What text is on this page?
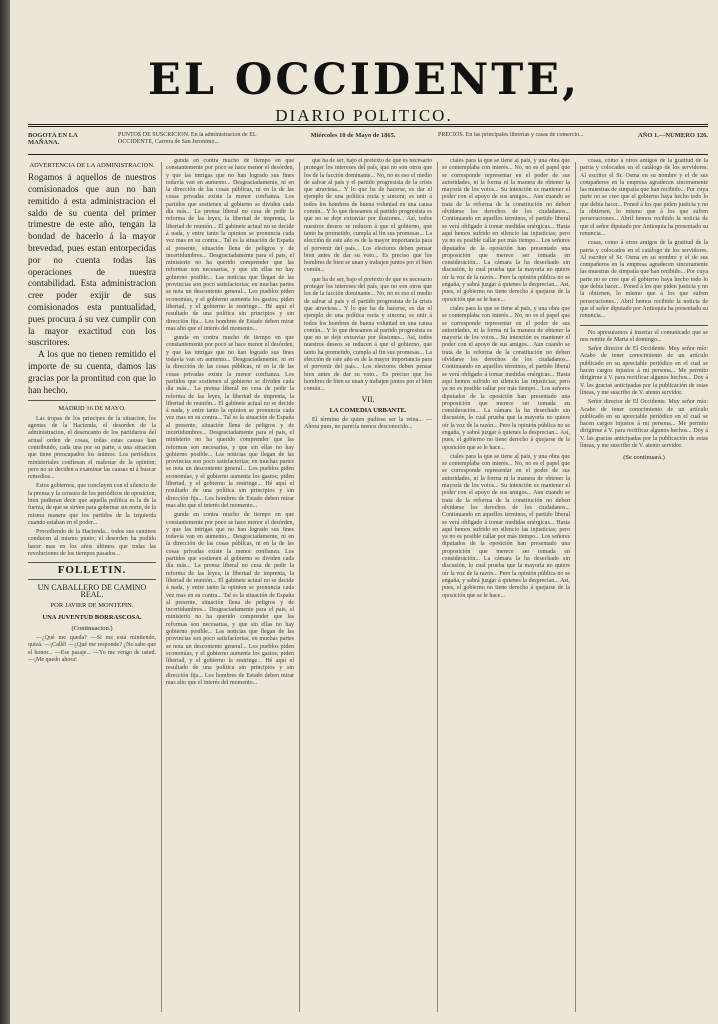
EL OCCIDENTE,
DIARIO POLITICO.
BOGOTÁ EN LA MAÑANA.
PUNTOS DE SUSCRICION. En la administracion de EL OCCIDENTE, Carrera de San Jeronimo...
Miércoles 10 de Mayo de 1865.	PRECIOS. En las principales librerías y casas de comercio...	AÑO 1.—NÚMERO 126.
ADVERTENCIA DE LA ADMINISTRACION.
Rogamos á aquellos de nuestros comisionados que aun no han remitido á esta administracion el saldo de su cuenta del primer trimestre de este año, tengan la bondad de hacerlo á la mayor brevedad, pues estan entorpecidas por no cuenta todas las operaciones de nuestra contabilidad. Esta administracion cree poder exijir de sus comisionados esta puntualidad, pues procura á su vez cumplir con la mayor exactitud con los suscritores.
A los que no tienen remitido el importe de su cuenta, damos las gracias por la prontitud con que lo han hecho.
MADRID 16 DE MAYO.

Las tropas de los principes de la situacion, los agentes de la Hacienda, el desorden de la administracion, el desencanto de los partidarios del actual orden de cosas, todas estas causas han contribuido, cada una por su parte, a una situacion que tiene preocupados los ánimos. Los periódicos ministeriales confiesan el malestar de la opinion; pero no se deciden a examinar las causas ni á buscar remedios...

Estos gobiernos, que concluyen con el silencio de la prensa y la censura de los periódicos de oposicion, bien pudieran decir que aquella política es la de la fuerza, de que se sirven para gobernar sin norte, de la misma manera que los partidos de la izquierda cuando estaban en el poder...

Procediendo de la Hacienda... todos sus caminos conducen al mismo punto; el desorden ha podido hacer mas en los años últimos que todas las revoluciones de los tiempos pasados...

FOLLETIN.
UN CABALLERO DE CAMINO REAL.
POR JAVIER DE MONTEPIN.
UNA JUVENTUD BORRASCOSA.
(Continuacion.)

—¿Qué me queda? —Si me está mintiendo, quizá. —¡Callé! —¿Qué me responde? ¿No sabe que el honor... —Ese pasaje... —Yo me vengo de usted. —¡Me quedo ahora!

gunda en contra mucho de tiempo en que constantemente por poco se hace menor el desórden, y que las intrigas que no han logrado sus fines todavía van en aumento... Desgraciadamente, ni en la dirección de las cosas públicas, ni en la de las cosas privadas existe la menor confianza. Los partidos que sostienen al gobierno se dividen cada día más... La prensa liberal no cesa de pedir la reforma de las leyes, la libertad de imprenta, la libertad de reunión... El gabinete actual no se decide á nada, y entre tanto la opinion se pronuncia cada vez mas en su contra... Tal es la situación de España al presente, situación llena de peligros y de incertidumbres... Desgraciadamente para el pais, el ministerio no ha querido comprender que las reformas son necesarias, y que sin ellas no hay gobierno posible... Las noticias que llegan de las provincias son poco satisfactorias; en muchas partes se nota un descontento general... Los pueblos piden economías, y el gobierno aumenta los gastos; piden libertad, y el gobierno la restringe... Hé aquí el resultado de una política sin principios y sin dirección fija... Los hombres de Estado deben mirar mas alto que el interés del momento...

gunda en contra mucho de tiempo en que constantemente por poco se hace menor el desórden, y que las intrigas que no han logrado sus fines todavía van en aumento... Desgraciadamente, ni en la dirección de las cosas públicas, ni en la de las cosas privadas existe la menor confianza. Los partidos que sostienen al gobierno se dividen cada día más... La prensa liberal no cesa de pedir la reforma de las leyes, la libertad de imprenta, la libertad de reunión... El gabinete actual no se decide á nada, y entre tanto la opinion se pronuncia cada vez mas en su contra... Tal es la situación de España al presente, situación llena de peligros y de incertidumbres... Desgraciadamente para el pais, el ministerio no ha querido comprender que las reformas son necesarias, y que sin ellas no hay gobierno posible... Las noticias que llegan de las provincias son poco satisfactorias; en muchas partes se nota un descontento general... Los pueblos piden economías, y el gobierno aumenta los gastos; piden libertad, y el gobierno la restringe... Hé aquí el resultado de una política sin principios y sin dirección fija... Los hombres de Estado deben mirar mas alto que el interés del momento...

gunda en contra mucho de tiempo en que constantemente por poco se hace menor el desórden, y que las intrigas que no han logrado sus fines todavía van en aumento... Desgraciadamente, ni en la dirección de las cosas públicas, ni en la de las cosas privadas existe la menor confianza. Los partidos que sostienen al gobierno se dividen cada día más... La prensa liberal no cesa de pedir la reforma de las leyes, la libertad de imprenta, la libertad de reunión... El gabinete actual no se decide á nada, y entre tanto la opinion se pronuncia cada vez mas en su contra... Tal es la situación de España al presente, situación llena de peligros y de incertidumbres... Desgraciadamente para el pais, el ministerio no ha querido comprender que las reformas son necesarias, y que sin ellas no hay gobierno posible... Las noticias que llegan de las provincias son poco satisfactorias; en muchas partes se nota un descontento general... Los pueblos piden economías, y el gobierno aumenta los gastos; piden libertad, y el gobierno la restringe... Hé aquí el resultado de una política sin principios y sin dirección fija... Los hombres de Estado deben mirar mas alto que el interés del momento...

que ha de ser, bajo el pretexto de que es necesario proteger los intereses del país, que no son otros que los de la facción dominante... No, no es eso el medio de salvar al pais y el partido progresista de la crisis que atraviesa... Y lo que ha de hacerse, es dar el ejemplo de una política recta y sincera; es unir á todos los hombres de buena voluntad en una causa común... Y lo que deseamos al partido progresista es que no se deje extraviar por ilusiones... Así, todos nuestros deseos se reducen á que el gobierno, que tanto ha prometido, cumpla al fin sus promesas... La elección de este año es de la mayor importancia para el porvenir del país... Los electores deben pensar bien antes de dar su voto... Es preciso que los hombres de bien se unan y trabajen juntos por el bien común...

que ha de ser, bajo el pretexto de que es necesario proteger los intereses del país, que no son otros que los de la facción dominante... No, no es eso el medio de salvar al pais y el partido progresista de la crisis que atraviesa... Y lo que ha de hacerse, es dar el ejemplo de una política recta y sincera; es unir á todos los hombres de buena voluntad en una causa común... Y lo que deseamos al partido progresista es que no se deje extraviar por ilusiones... Así, todos nuestros deseos se reducen á que el gobierno, que tanto ha prometido, cumpla al fin sus promesas... La elección de este año es de la mayor importancia para el porvenir del país... Los electores deben pensar bien antes de dar su voto... Es preciso que los hombres de bien se unan y trabajen juntos por el bien común...

VII.
LA COMEDIA URBANTE.

El término de quien pudiese ser la reina... —Ahora pues, no parecía menos desconocido...

ciales para la que se tiene al pais, y una obra que se contemplaba con interés... No, no es el papel que se corresponde representar en el poder de sus autoridades, ni la forma ni la manera de obtener la mayoría de los votos... Su intención es mantener el poder con el apoyo de sus amigos... Aun cuando se trata de la reforma de la constitución no deben olvidarse los derechos de los ciudadanos... Continuando en aquellos términos, el partido liberal se verá obligado á tomar medidas enérgicas... Hasta aquí hemos sufrido en silencio las injusticias; pero ya no es posible callar por más tiempo... Los señores diputados de la oposición han presentado una proposición que merece ser tomada en consideración... La cámara la ha desechado sin discusión, lo cual prueba que la mayoría no quiere oír la voz de la razón... Pero la opinión pública no se engaña, y sabrá juzgar á quienes la desprecian... Así, pues, el gobierno no tiene derecho á quejarse de la oposición que se le hace...

ciales para la que se tiene al pais, y una obra que se contemplaba con interés... No, no es el papel que se corresponde representar en el poder de sus autoridades, ni la forma ni la manera de obtener la mayoría de los votos... Su intención es mantener el poder con el apoyo de sus amigos... Aun cuando se trata de la reforma de la constitución no deben olvidarse los derechos de los ciudadanos... Continuando en aquellos términos, el partido liberal se verá obligado á tomar medidas enérgicas... Hasta aquí hemos sufrido en silencio las injusticias; pero ya no es posible callar por más tiempo... Los señores diputados de la oposición han presentado una proposición que merece ser tomada en consideración... La cámara la ha desechado sin discusión, lo cual prueba que la mayoría no quiere oír la voz de la razón... Pero la opinión pública no se engaña, y sabrá juzgar á quienes la desprecian... Así, pues, el gobierno no tiene derecho á quejarse de la oposición que se le hace...

ciales para la que se tiene al pais, y una obra que se contemplaba con interés... No, no es el papel que se corresponde representar en el poder de sus autoridades, ni la forma ni la manera de obtener la mayoría de los votos... Su intención es mantener el poder con el apoyo de sus amigos... Aun cuando se trata de la reforma de la constitución no deben olvidarse los derechos de los ciudadanos... Continuando en aquellos términos, el partido liberal se verá obligado á tomar medidas enérgicas... Hasta aquí hemos sufrido en silencio las injusticias; pero ya no es posible callar por más tiempo... Los señores diputados de la oposición han presentado una proposición que merece ser tomada en consideración... La cámara la ha desechado sin discusión, lo cual prueba que la mayoría no quiere oír la voz de la razón... Pero la opinión pública no se engaña, y sabrá juzgar á quienes la desprecian... Así, pues, el gobierno no tiene derecho á quejarse de la oposición que se le hace...

cosas, como á otros amigos de la gratitud de la patria y colocados en el catálogo de los servidores. Al escritor el Sr. Osma en su nombre y el de sus compañeros en la empresa agradecen sinceramente las muestras de simpatía que han recibido... Por cuya parte no se cree que el gobierno haya hecho todo lo que debía hacer... Poned á los que piden justicia y no la obtienen, lo mismo que á los que sufren persecuciones... Abril hemos recibido la noticia de que el señor diputado por Antioquia ha presentado su renuncia...

cosas, como á otros amigos de la gratitud de la patria y colocados en el catálogo de los servidores. Al escritor el Sr. Osma en su nombre y el de sus compañeros en la empresa agradecen sinceramente las muestras de simpatía que han recibido... Por cuya parte no se cree que el gobierno haya hecho todo lo que debía hacer... Poned á los que piden justicia y no la obtienen, lo mismo que á los que sufren persecuciones... Abril hemos recibido la noticia de que el señor diputado por Antioquia ha presentado su renuncia...

No apresuramos á insertar el comunicado que se nos remite de Marta el domingo...

Señor director de El Occidente. Muy señor mío: Acabo de tener conocimiento de un artículo publicado en su apreciable periódico en el cual se hacen cargos injustos á mi persona... Me permito dirigirme á V. para rectificar algunos hechos... Doy á V. las gracias anticipadas por la publicación de estas líneas, y me suscribo de V. atento servidor.

Señor director de El Occidente. Muy señor mío: Acabo de tener conocimiento de un artículo publicado en su apreciable periódico en el cual se hacen cargos injustos á mi persona... Me permito dirigirme á V. para rectificar algunos hechos... Doy á V. las gracias anticipadas por la publicación de estas líneas, y me suscribo de V. atento servidor.

(Se continuará.)
